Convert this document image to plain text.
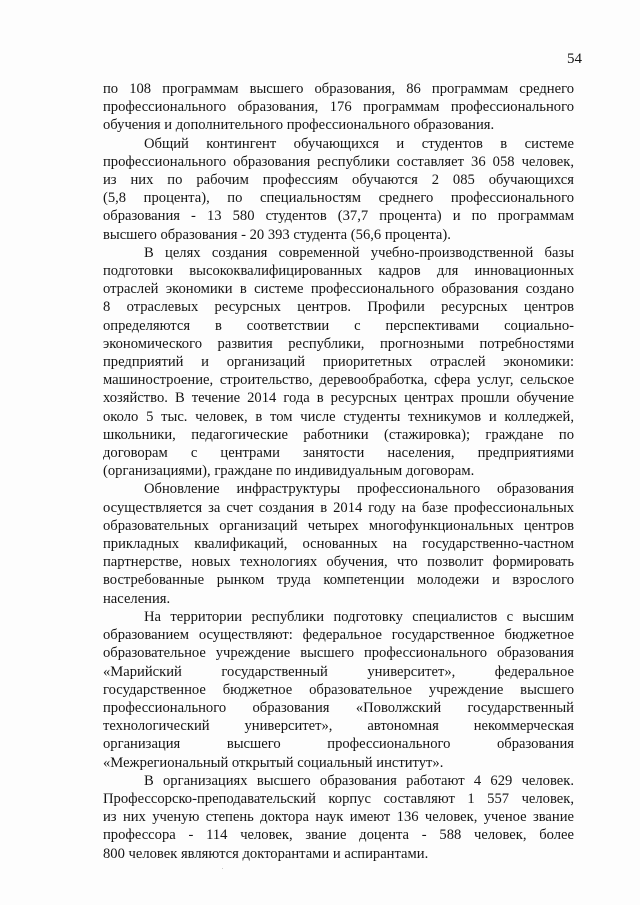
54
по 108 программам высшего образования, 86 программам среднего
профессионального образования, 176 программам профессионального
обучения и дополнительного профессионального образования.
Общий контингент обучающихся и студентов в системе
профессионального образования республики составляет 36 058 человек,
из них по рабочим профессиям обучаются 2 085 обучающихся
(5,8 процента), по специальностям среднего профессионального
образования - 13 580 студентов (37,7 процента) и по программам
высшего образования - 20 393 студента (56,6 процента).
В целях создания современной учебно-производственной базы
подготовки высококвалифицированных кадров для инновационных
отраслей экономики в системе профессионального образования создано
8 отраслевых ресурсных центров. Профили ресурсных центров
определяются в соответствии с перспективами социально-
экономического развития республики, прогнозными потребностями
предприятий и организаций приоритетных отраслей экономики:
машиностроение, строительство, деревообработка, сфера услуг, сельское
хозяйство. В течение 2014 года в ресурсных центрах прошли обучение
около 5 тыс. человек, в том числе студенты техникумов и колледжей,
школьники, педагогические работники (стажировка); граждане по
договорам с центрами занятости населения, предприятиями
(организациями), граждане по индивидуальным договорам.
Обновление инфраструктуры профессионального образования
осуществляется за счет создания в 2014 году на базе профессиональных
образовательных организаций четырех многофункциональных центров
прикладных квалификаций, основанных на государственно-частном
партнерстве, новых технологиях обучения, что позволит формировать
востребованные рынком труда компетенции молодежи и взрослого
населения.
На территории республики подготовку специалистов с высшим
образованием осуществляют: федеральное государственное бюджетное
образовательное учреждение высшего профессионального образования
«Марийский государственный университет», федеральное
государственное бюджетное образовательное учреждение высшего
профессионального образования «Поволжский государственный
технологический университет», автономная некоммерческая
организация высшего профессионального образования
«Межрегиональный открытый социальный институт».
В организациях высшего образования работают 4 629 человек.
Профессорско-преподавательский корпус составляют 1 557 человек,
из них ученую степень доктора наук имеют 136 человек, ученое звание
профессора - 114 человек, звание доцента - 588 человек, более
800 человек являются докторантами и аспирантами.
